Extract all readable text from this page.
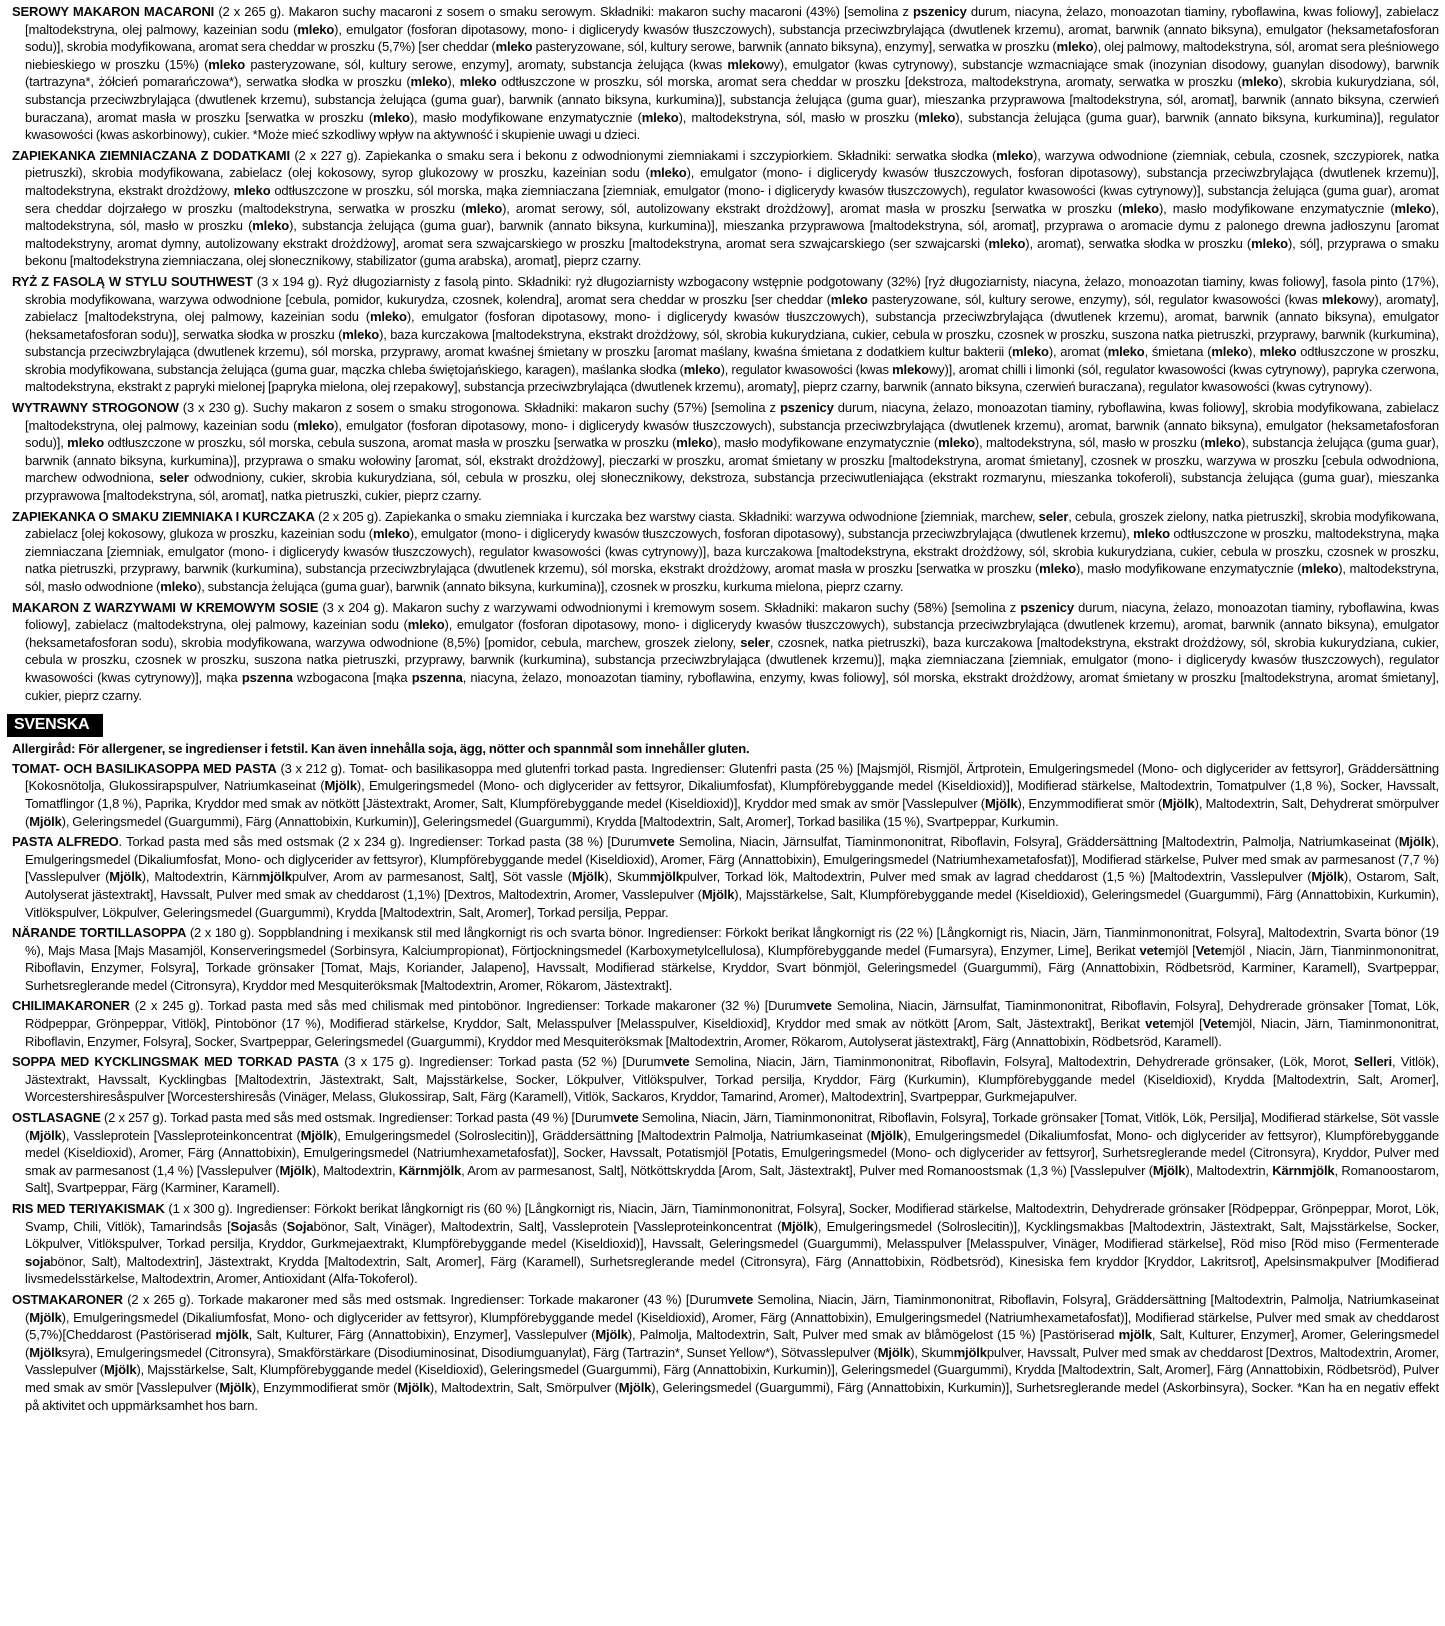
SEROWY MAKARON MACARONI (2 x 265 g). Makaron suchy macaroni z sosem o smaku serowym. Składniki: makaron suchy macaroni (43%) [semolina z pszenicy durum, niacyna, żelazo, monoazotan tiaminy, ryboflawina, kwas foliowy], zabielacz [maltodekstryna, olej palmowy, kazeinian sodu (mleko), emulgator (fosforan dipotasowy, mono- i diglicerydy kwasów tłuszczowych), substancja przeciwzbrylająca (dwutlenek krzemu), aromat, barwnik (annato biksyna), emulgator (heksametafosforan sodu)], skrobia modyfikowana, aromat sera cheddar w proszku (5,7%) [ser cheddar (mleko pasteryzowane, sól, kultury serowe, barwnik (annato biksyna), enzymy], serwatka w proszku (mleko), olej palmowy, maltodekstryna, sól, aromat sera pleśniowego niebieskiego w proszku (15%) (mleko pasteryzowane, sól, kultury serowe, enzymy], aromaty, substancja żelująca (kwas mlekowy), emulgator (kwas cytrynowy), substancje wzmacniające smak (inozynian disodowy, guanylan disodowy), barwnik (tartrazyna*, żółcień pomarańczowa*), serwatka słodka w proszku (mleko), mleko odtłuszczone w proszku, sól morska, aromat sera cheddar w proszku [dekstroza, maltodekstryna, aromaty, serwatka w proszku (mleko), skrobia kukurydziana, sól, substancja przeciwzbrylająca (dwutlenek krzemu), substancja żelująca (guma guar), barwnik (annato biksyna, kurkumina)], substancja żelująca (guma guar), mieszanka przyprawowa [maltodekstryna, sól, aromat], barwnik (annato biksyna, czerwień buraczana), aromat masła w proszku [serwatka w proszku (mleko), masło modyfikowane enzymatycznie (mleko), maltodekstryna, sól, masło w proszku (mleko), substancja żelująca (guma guar), barwnik (annato biksyna, kurkumina)], regulator kwasowości (kwas askorbinowy), cukier. *Może mieć szkodliwy wpływ na aktywność i skupienie uwagi u dzieci.

ZAPIEKANKA ZIEMNIACZANA Z DODATKAMI (2 x 227 g). Zapiekanka o smaku sera i bekonu z odwodnionymi ziemniakami i szczypiorkiem. Składniki: serwatka słodka (mleko), warzywa odwodnione (ziemniak, cebula, czosnek, szczypiorek, natka pietruszki), skrobia modyfikowana, zabielacz (olej kokosowy, syrop glukozowy w proszku, kazeinian sodu (mleko), emulgator (mono- i diglicerydy kwasów tłuszczowych, fosforan dipotasowy), substancja przeciwzbrylająca (dwutlenek krzemu)], maltodekstryna, ekstrakt drożdżowy, mleko odtłuszczone w proszku, sól morska, mąka ziemniaczana [ziemniak, emulgator (mono- i diglicerydy kwasów tłuszczowych), regulator kwasowości (kwas cytrynowy)], substancja żelująca (guma guar), aromat sera cheddar dojrzałego w proszku (maltodekstryna, serwatka w proszku (mleko), aromat serowy, sól, autolizowany ekstrakt drożdżowy], aromat masła w proszku [serwatka w proszku (mleko), masło modyfikowane enzymatycznie (mleko), maltodekstryna, sól, masło w proszku (mleko), substancja żelująca (guma guar), barwnik (annato biksyna, kurkumina)], mieszanka przyprawowa [maltodekstryna, sól, aromat], przyprawa o aromacie dymu z palonego drewna jadłoszynu [aromat maltodekstryny, aromat dymny, autolizowany ekstrakt drożdżowy], aromat sera szwajcarskiego w proszku [maltodekstryna, aromat sera szwajcarskiego (ser szwajcarski (mleko), aromat), serwatka słodka w proszku (mleko), sól], przyprawa o smaku bekonu [maltodekstryna ziemniaczana, olej słonecznikowy, stabilizator (guma arabska), aromat], pieprz czarny.

RYŻ Z FASOLĄ W STYLU SOUTHWEST (3 x 194 g). Ryż długoziarnisty z fasolą pinto. Składniki: ryż długoziarnisty wzbogacony wstępnie podgotowany (32%) [ryż długoziarnisty, niacyna, żelazo, monoazotan tiaminy, kwas foliowy], fasola pinto (17%), skrobia modyfikowana, warzywa odwodnione [cebula, pomidor, kukurydza, czosnek, kolendra], aromat sera cheddar w proszku [ser cheddar (mleko pasteryzowane, sól, kultury serowe, enzymy), sól, regulator kwasowości (kwas mlekowy), aromaty], zabielacz [maltodekstryna, olej palmowy, kazeinian sodu (mleko), emulgator (fosforan dipotasowy, mono- i diglicerydy kwasów tłuszczowych), substancja przeciwzbrylająca (dwutlenek krzemu), aromat, barwnik (annato biksyna), emulgator (heksametafosforan sodu)], serwatka słodka w proszku (mleko), baza kurczakowa [maltodekstryna, ekstrakt drożdżowy, sól, skrobia kukurydziana, cukier, cebula w proszku, czosnek w proszku, suszona natka pietruszki, przyprawy, barwnik (kurkumina), substancja przeciwzbrylająca (dwutlenek krzemu), sól morska, przyprawy, aromat kwaśnej śmietany w proszku [aromat maślany, kwaśna śmietana z dodatkiem kultur bakterii (mleko), aromat (mleko, śmietana (mleko), mleko odtłuszczone w proszku, skrobia modyfikowana, substancja żelująca (guma guar, mączka chleba świętojańskiego, karagen), maślanka słodka (mleko), regulator kwasowości (kwas mlekowy)], aromat chilli i limonki (sól, regulator kwasowości (kwas cytrynowy), papryka czerwona, maltodekstryna, ekstrakt z papryki mielonej [papryka mielona, olej rzepakowy], substancja przeciwzbrylająca (dwutlenek krzemu), aromaty], pieprz czarny, barwnik (annato biksyna, czerwień buraczana), regulator kwasowości (kwas cytrynowy).

WYTRAWNY STROGONOW (3 x 230 g). Suchy makaron z sosem o smaku strogonowa. Składniki: makaron suchy (57%) [semolina z pszenicy durum, niacyna, żelazo, monoazotan tiaminy, ryboflawina, kwas foliowy], skrobia modyfikowana, zabielacz [maltodekstryna, olej palmowy, kazeinian sodu (mleko), emulgator (fosforan dipotasowy, mono- i diglicerydy kwasów tłuszczowych), substancja przeciwzbrylająca (dwutlenek krzemu), aromat, barwnik (annato biksyna), emulgator (heksametafosforan sodu)], mleko odtłuszczone w proszku, sól morska, cebula suszona, aromat masła w proszku [serwatka w proszku (mleko), masło modyfikowane enzymatycznie (mleko), maltodekstryna, sól, masło w proszku (mleko), substancja żelująca (guma guar), barwnik (annato biksyna, kurkumina)], przyprawa o smaku wołowiny [aromat, sól, ekstrakt drożdżowy], pieczarki w proszku, aromat śmietany w proszku [maltodekstryna, aromat śmietany], czosnek w proszku, warzywa w proszku [cebula odwodniona, marchew odwodniona, seler odwodniony, cukier, skrobia kukurydziana, sól, cebula w proszku, olej słonecznikowy, dekstroza, substancja przeciwutleniająca (ekstrakt rozmarynu, mieszanka tokoferoli), substancja żelująca (guma guar), mieszanka przyprawowa [maltodekstryna, sól, aromat], natka pietruszki, cukier, pieprz czarny.

ZAPIEKANKA O SMAKU ZIEMNIAKA I KURCZAKA (2 x 205 g). Zapiekanka o smaku ziemniaka i kurczaka bez warstwy ciasta. Składniki: warzywa odwodnione [ziemniak, marchew, seler, cebula, groszek zielony, natka pietruszki], skrobia modyfikowana, zabielacz [olej kokosowy, glukoza w proszku, kazeinian sodu (mleko), emulgator (mono- i diglicerydy kwasów tłuszczowych, fosforan dipotasowy), substancja przeciwzbrylająca (dwutlenek krzemu), mleko odtłuszczone w proszku, maltodekstryna, mąka ziemniaczana [ziemniak, emulgator (mono- i diglicerydy kwasów tłuszczowych), regulator kwasowości (kwas cytrynowy)], baza kurczakowa [maltodekstryna, ekstrakt drożdżowy, sól, skrobia kukurydziana, cukier, cebula w proszku, czosnek w proszku, natka pietruszki, przyprawy, barwnik (kurkumina), substancja przeciwzbrylająca (dwutlenek krzemu), sól morska, ekstrakt drożdżowy, aromat masła w proszku [serwatka w proszku (mleko), masło modyfikowane enzymatycznie (mleko), maltodekstryna, sól, masło odwodnione (mleko), substancja żelująca (guma guar), barwnik (annato biksyna, kurkumina)], czosnek w proszku, kurkuma mielona, pieprz czarny.

MAKARON Z WARZYWAMI W KREMOWYM SOSIE (3 x 204 g). Makaron suchy z warzywami odwodnionymi i kremowym sosem. Składniki: makaron suchy (58%) [semolina z pszenicy durum, niacyna, żelazo, monoazotan tiaminy, ryboflawina, kwas foliowy], zabielacz (maltodekstryna, olej palmowy, kazeinian sodu (mleko), emulgator (fosforan dipotasowy, mono- i diglicerydy kwasów tłuszczowych), substancja przeciwzbrylająca (dwutlenek krzemu), aromat, barwnik (annato biksyna), emulgator (heksametafosforan sodu), skrobia modyfikowana, warzywa odwodnione (8,5%) [pomidor, cebula, marchew, groszek zielony, seler, czosnek, natka pietruszki), baza kurczakowa [maltodekstryna, ekstrakt drożdżowy, sól, skrobia kukurydziana, cukier, cebula w proszku, czosnek w proszku, suszona natka pietruszki, przyprawy, barwnik (kurkumina), substancja przeciwzbrylająca (dwutlenek krzemu)], mąka ziemniaczana [ziemniak, emulgator (mono- i diglicerydy kwasów tłuszczowych), regulator kwasowości (kwas cytrynowy)], mąka pszenna wzbogacona [mąka pszenna, niacyna, żelazo, monoazotan tiaminy, ryboflawina, enzymy, kwas foliowy], sól morska, ekstrakt drożdżowy, aromat śmietany w proszku [maltodekstryna, aromat śmietany], cukier, pieprz czarny.

SVENSKA

Allergiråd: För allergener, se ingredienser i fetstil. Kan även innehålla soja, ägg, nötter och spannmål som innehåller gluten.

TOMAT- OCH BASILIKASOPPA MED PASTA (3 x 212 g). Tomat- och basilikasoppa med glutenfri torkad pasta. Ingredienser: Glutenfri pasta (25 %) [Majsmjöl, Rismjöl, Ärtprotein, Emulgeringsmedel (Mono- och diglycerider av fettsyror], Gräddersättning [Kokosnötolja, Glukossirapspulver, Natriumkaseinat (Mjölk), Emulgeringsmedel (Mono- och diglycerider av fettsyror, Dikaliumfosfat), Klumpförebyggande medel (Kiseldioxid)], Modifierad stärkelse, Maltodextrin, Tomatpulver (1,8 %), Socker, Havssalt, Tomatflingor (1,8 %), Paprika, Kryddor med smak av nötkött [Jästextrakt, Aromer, Salt, Klumpförebyggande medel (Kiseldioxid)], Kryddor med smak av smör [Vasslepulver (Mjölk), Enzymmodifierat smör (Mjölk), Maltodextrin, Salt, Dehydrerat smörpulver (Mjölk), Geleringsmedel (Guargummi), Färg (Annattobixin, Kurkumin)], Geleringsmedel (Guargummi), Krydda [Maltodextrin, Salt, Aromer], Torkad basilika (15 %), Svartpeppar, Kurkumin.

PASTA ALFREDO. Torkad pasta med sås med ostsmak (2 x 234 g). Ingredienser: Torkad pasta (38 %) [Durumvete Semolina, Niacin, Järnsulfat, Tiaminmononitrat, Riboflavin, Folsyra], Gräddersättning [Maltodextrin, Palmolja, Natriumkaseinat (Mjölk), Emulgeringsmedel (Dikaliumfosfat, Mono- och diglycerider av fettsyror), Klumpförebyggande medel (Kiseldioxid), Aromer, Färg (Annattobixin), Emulgeringsmedel (Natriumhexametafosfat)], Modifierad stärkelse, Pulver med smak av parmesanost (7,7 %) [Vasslepulver (Mjölk), Maltodextrin, Kärnmjölkpulver, Arom av parmesanost, Salt], Söt vassle (Mjölk), Skummjölkpulver, Torkad lök, Maltodextrin, Pulver med smak av lagrad cheddarost (1,5 %) [Maltodextrin, Vasslepulver (Mjölk), Ostarom, Salt, Autolyserat jästextrakt], Havssalt, Pulver med smak av cheddarost (1,1%) [Dextros, Maltodextrin, Aromer, Vasslepulver (Mjölk), Majsstärkelse, Salt, Klumpförebyggande medel (Kiseldioxid), Geleringsmedel (Guargummi), Färg (Annattobixin, Kurkumin), Vitlökspulver, Lökpulver, Geleringsmedel (Guargummi), Krydda [Maltodextrin, Salt, Aromer], Torkad persilja, Peppar.

NÄRANDE TORTILLASOPPA (2 x 180 g). Soppblandning i mexikansk stil med långkornigt ris och svarta bönor. Ingredienser: Förkokt berikat långkornigt ris (22 %) [Långkornigt ris, Niacin, Järn, Tianminmononitrat, Folsyra], Maltodextrin, Svarta bönor (19 %), Majs Masa [Majs Masamjöl, Konserveringsmedel (Sorbinsyra, Kalciumpropionat), Förtjockningsmedel (Karboxymetylcellulosa), Klumpförebyggande medel (Fumarsyra), Enzymer, Lime], Berikat vetemjöl [Vetemjöl , Niacin, Järn, Tianminmononitrat, Riboflavin, Enzymer, Folsyra], Torkade grönsaker [Tomat, Majs, Koriander, Jalapeno], Havssalt, Modifierad stärkelse, Kryddor, Svart bönmjöl, Geleringsmedel (Guargummi), Färg (Annattobixin, Rödbetsröd, Karminer, Karamell), Svartpeppar, Surhetsreglerande medel (Citronsyra), Kryddor med Mesquiteröksmak [Maltodextrin, Aromer, Rökarom, Jästextrakt].

CHILIMAKARONER (2 x 245 g). Torkad pasta med sås med chilismak med pintobönor. Ingredienser: Torkade makaroner (32 %) [Durumvete Semolina, Niacin, Järnsulfat, Tiaminmononitrat, Riboflavin, Folsyra], Dehydrerade grönsaker [Tomat, Lök, Rödpeppar, Grönpeppar, Vitlök], Pintobönor (17 %), Modifierad stärkelse, Kryddor, Salt, Melasspulver [Melasspulver, Kiseldioxid], Kryddor med smak av nötkött [Arom, Salt, Jästextrakt], Berikat vetemjöl [Vetemjöl, Niacin, Järn, Tiaminmononitrat, Riboflavin, Enzymer, Folsyra], Socker, Svartpeppar, Geleringsmedel (Guargummi), Kryddor med Mesquiteröksmak [Maltodextrin, Aromer, Rökarom, Autolyserat jästextrakt], Färg (Annattobixin, Rödbetsröd, Karamell).

SOPPA MED KYCKLINGSMAK MED TORKAD PASTA (3 x 175 g). Ingredienser: Torkad pasta (52 %) [Durumvete Semolina, Niacin, Järn, Tiaminmononitrat, Riboflavin, Folsyra], Maltodextrin, Dehydrerade grönsaker, (Lök, Morot, Selleri, Vitlök), Jästextrakt, Havssalt, Kycklingbas [Maltodextrin, Jästextrakt, Salt, Majsstärkelse, Socker, Lökpulver, Vitlökspulver, Torkad persilja, Kryddor, Färg (Kurkumin), Klumpförebyggande medel (Kiseldioxid), Krydda [Maltodextrin, Salt, Aromer], Worcestershiresåspulver [Worcestershiresås (Vinäger, Melass, Glukossirap, Salt, Färg (Karamell), Vitlök, Sackaros, Kryddor, Tamarind, Aromer), Maltodextrin], Svartpeppar, Gurkmejapulver.

OSTLASAGNE (2 x 257 g). Torkad pasta med sås med ostsmak. Ingredienser: Torkad pasta (49 %) [Durumvete Semolina, Niacin, Järn, Tiaminmononitrat, Riboflavin, Folsyra], Torkade grönsaker [Tomat, Vitlök, Lök, Persilja], Modifierad stärkelse, Söt vassle (Mjölk), Vassleprotein [Vassleproteinkoncentrat (Mjölk), Emulgeringsmedel (Solroslecitin)], Gräddersättning [Maltodextrin Palmolja, Natriumkaseinat (Mjölk), Emulgeringsmedel (Dikaliumfosfat, Mono- och diglycerider av fettsyror), Klumpförebyggande medel (Kiseldioxid), Aromer, Färg (Annattobixin), Emulgeringsmedel (Natriumhexametafosfat)], Socker, Havssalt, Potatismjöl [Potatis, Emulgeringsmedel (Mono- och diglycerider av fettsyror], Surhetsreglerande medel (Citronsyra), Kryddor, Pulver med smak av parmesanost (1,4 %) [Vasslepulver (Mjölk), Maltodextrin, Kärnmjölk, Arom av parmesanost, Salt], Nötköttskrydda [Arom, Salt, Jästextrakt], Pulver med Romanoostsmak (1,3 %) [Vasslepulver (Mjölk), Maltodextrin, Kärnmjölk, Romanoostarom, Salt], Svartpeppar, Färg (Karminer, Karamell).

RIS MED TERIYAKISMAK (1 x 300 g). Ingredienser: Förkokt berikat långkornigt ris (60 %) [Långkornigt ris, Niacin, Järn, Tiaminmononitrat, Folsyra], Socker, Modifierad stärkelse, Maltodextrin, Dehydrerade grönsaker [Rödpeppar, Grönpeppar, Morot, Lök, Svamp, Chili, Vitlök), Tamarindsås [Sojasås (Sojabönor, Salt, Vinäger), Maltodextrin, Salt], Vassleprotein [Vassleproteinkoncentrat (Mjölk), Emulgeringsmedel (Solroslecitin)], Kycklingsmakbas [Maltodextrin, Jästextrakt, Salt, Majsstärkelse, Socker, Lökpulver, Vitlökspulver, Torkad persilja, Kryddor, Gurkmejaextrakt, Klumpförebyggande medel (Kiseldioxid)], Havssalt, Geleringsmedel (Guargummi), Melasspulver [Melasspulver, Vinäger, Modifierad stärkelse], Röd miso [Röd miso (Fermenterade sojabönor, Salt), Maltodextrin], Jästextrakt, Krydda [Maltodextrin, Salt, Aromer], Färg (Karamell), Surhetsreglerande medel (Citronsyra), Färg (Annattobixin, Rödbetsröd), Kinesiska fem kryddor [Kryddor, Lakritsrot], Apelsinsmakpulver [Modifierad livsmedelsstärkelse, Maltodextrin, Aromer, Antioxidant (Alfa-Tokoferol).

OSTMAKARONER (2 x 265 g). Torkade makaroner med sås med ostsmak. Ingredienser: Torkade makaroner (43 %) [Durumvete Semolina, Niacin, Järn, Tiaminmononitrat, Riboflavin, Folsyra], Gräddersättning [Maltodextrin, Palmolja, Natriumkaseinat (Mjölk), Emulgeringsmedel (Dikaliumfosfat, Mono- och diglycerider av fettsyror), Klumpförebyggande medel (Kiseldioxid), Aromer, Färg (Annattobixin), Emulgeringsmedel (Natriumhexametafosfat)], Modifierad stärkelse, Pulver med smak av cheddarost (5,7%)[Cheddarost (Pastöriserad mjölk, Salt, Kulturer, Färg (Annattobixin), Enzymer], Vasslepulver (Mjölk), Palmolja, Maltodextrin, Salt, Pulver med smak av blåmögelost (15 %) [Pastöriserad mjölk, Salt, Kulturer, Enzymer], Aromer, Geleringsmedel (Mjölksyra), Emulgeringsmedel (Citronsyra), Smakförstärkare (Disodiuminosinat, Disodiumguanylat), Färg (Tartrazin*, Sunset Yellow*), Sötvasslepulver (Mjölk), Skummjölkpulver, Havssalt, Pulver med smak av cheddarost [Dextros, Maltodextrin, Aromer, Vasslepulver (Mjölk), Majsstärkelse, Salt, Klumpförebyggande medel (Kiseldioxid), Geleringsmedel (Guargummi), Färg (Annattobixin, Kurkumin)], Geleringsmedel (Guargummi), Krydda [Maltodextrin, Salt, Aromer], Färg (Annattobixin, Rödbetsröd), Pulver med smak av smör [Vasslepulver (Mjölk), Enzymmodifierat smör (Mjölk), Maltodextrin, Salt, Smörpulver (Mjölk), Geleringsmedel (Guargummi), Färg (Annattobixin, Kurkumin)], Surhetsreglerande medel (Askorbinsyra), Socker. *Kan ha en negativ effekt på aktivitet och uppmärksamhet hos barn.
